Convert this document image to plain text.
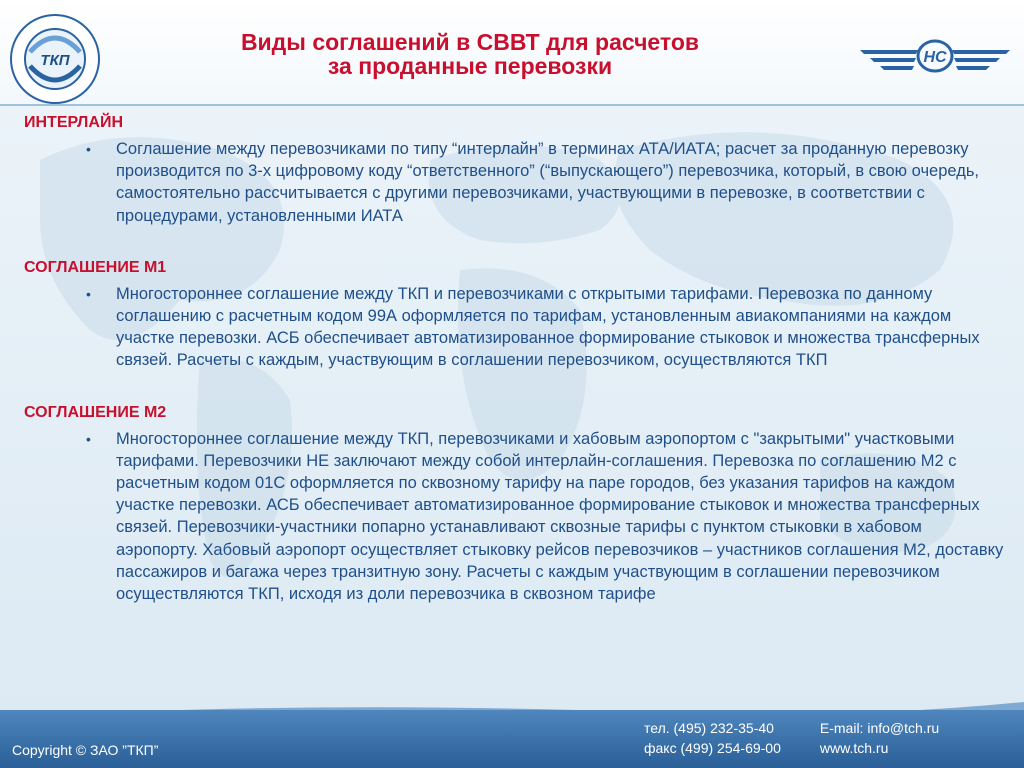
ТКП
Виды соглашений в СВВТ для расчетов
за проданные перевозки	НС
ИНТЕРЛАЙН
• Соглашение между перевозчиками по типу “интерлайн” в терминах АТА/ИАТА; расчет за проданную перевозку производится по 3-х цифровому коду “ответственного” (“выпускающего”) перевозчика, который, в свою очередь, самостоятельно рассчитывается с другими перевозчиками, участвующими в перевозке, в соответствии с процедурами, установленными ИАТА
СОГЛАШЕНИЕ М1
• Многостороннее соглашение между ТКП и перевозчиками с открытыми тарифами. Перевозка по данному соглашению с расчетным кодом 99А оформляется по тарифам, установленным авиакомпаниями на каждом участке перевозки. АСБ обеспечивает автоматизированное формирование стыковок и множества трансферных связей. Расчеты с каждым, участвующим в соглашении перевозчиком, осуществляются ТКП
СОГЛАШЕНИЕ М2
• Многостороннее соглашение между ТКП, перевозчиками и хабовым аэропортом с "закрытыми" участковыми тарифами. Перевозчики НЕ заключают между собой интерлайн-соглашения. Перевозка по соглашению М2 с расчетным кодом 01С оформляется по сквозному тарифу на паре городов, без указания тарифов на каждом участке перевозки. АСБ обеспечивает автоматизированное формирование стыковок и множества трансферных связей. Перевозчики-участники попарно устанавливают сквозные тарифы с пунктом стыковки в хабовом аэропорту. Хабовый аэропорт осуществляет стыковку рейсов перевозчиков – участников соглашения М2, доставку пассажиров и багажа через транзитную зону. Расчеты с каждым участвующим в соглашении перевозчиком осуществляются ТКП, исходя из доли перевозчика в сквозном тарифе
Copyright © ЗАО ”ТКП”
тел. (495) 232-35-40	E-mail: info@tch.ru
факс (499) 254-69-00	www.tch.ru
